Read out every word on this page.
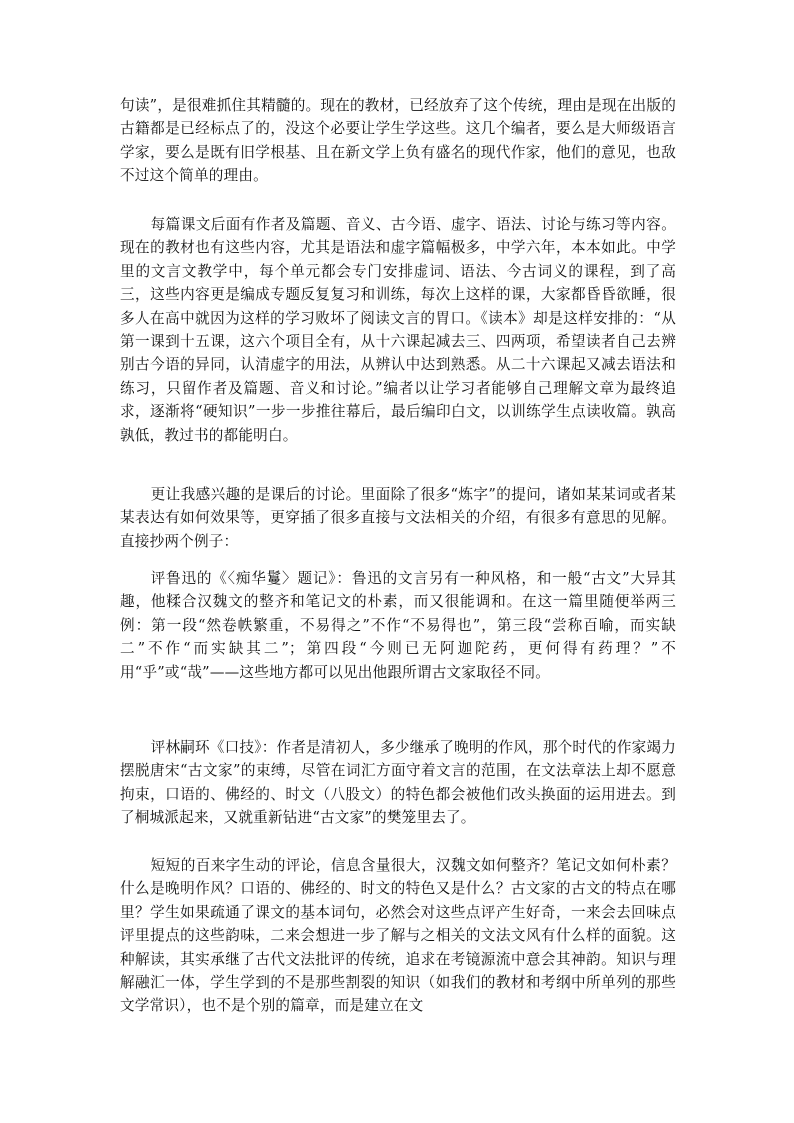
句读”，是很难抓住其精髓的。现在的教材，已经放弃了这个传统，理由是现在出版的古籍都是已经标点了的，没这个必要让学生学这些。这几个编者，要么是大师级语言学家，要么是既有旧学根基、且在新文学上负有盛名的现代作家，他们的意见，也敌不过这个简单的理由。

每篇课文后面有作者及篇题、音义、古今语、虚字、语法、讨论与练习等内容。现在的教材也有这些内容，尤其是语法和虚字篇幅极多，中学六年，本本如此。中学里的文言文教学中，每个单元都会专门安排虚词、语法、今古词义的课程，到了高三，这些内容更是编成专题反复复习和训练，每次上这样的课，大家都昏昏欲睡，很多人在高中就因为这样的学习败坏了阅读文言的胃口。《读本》却是这样安排的：“从第一课到十五课，这六个项目全有，从十六课起减去三、四两项，希望读者自己去辨别古今语的异同，认清虚字的用法，从辨认中达到熟悉。从二十六课起又减去语法和练习，只留作者及篇题、音义和讨论。”编者以让学习者能够自己理解文章为最终追求，逐渐将“硬知识”一步一步推往幕后，最后编印白文，以训练学生点读收篇。孰高孰低，教过书的都能明白。

更让我感兴趣的是课后的讨论。里面除了很多“炼字”的提问，诸如某某词或者某某表达有如何效果等，更穿插了很多直接与文法相关的介绍，有很多有意思的见解。直接抄两个例子：

评鲁迅的《〈痴华鬘〉题记》：鲁迅的文言另有一种风格，和一般“古文”大异其趣，他糅合汉魏文的整齐和笔记文的朴素，而又很能调和。在这一篇里随便举两三例：第一段“然卷帙繁重，不易得之”不作“不易得也”，第三段“尝称百喻，而实缺二”不作“而实缺其二”；第四段“今则已无阿迦陀药，更何得有药理？”不用“乎”或“哉”——这些地方都可以见出他跟所谓古文家取径不同。

评林嗣环《口技》：作者是清初人，多少继承了晚明的作风，那个时代的作家竭力摆脱唐宋“古文家”的束缚，尽管在词汇方面守着文言的范围，在文法章法上却不愿意拘束，口语的、佛经的、时文（八股文）的特色都会被他们改头换面的运用进去。到了桐城派起来，又就重新钻进“古文家”的樊笼里去了。

短短的百来字生动的评论，信息含量很大，汉魏文如何整齐？笔记文如何朴素？什么是晚明作风？口语的、佛经的、时文的特色又是什么？古文家的古文的特点在哪里？学生如果疏通了课文的基本词句，必然会对这些点评产生好奇，一来会去回味点评里提点的这些韵味，二来会想进一步了解与之相关的文法文风有什么样的面貌。这种解读，其实承继了古代文法批评的传统，追求在考镜源流中意会其神韵。知识与理解融汇一体，学生学到的不是那些割裂的知识（如我们的教材和考纲中所单列的那些文学常识），也不是个别的篇章，而是建立在文
